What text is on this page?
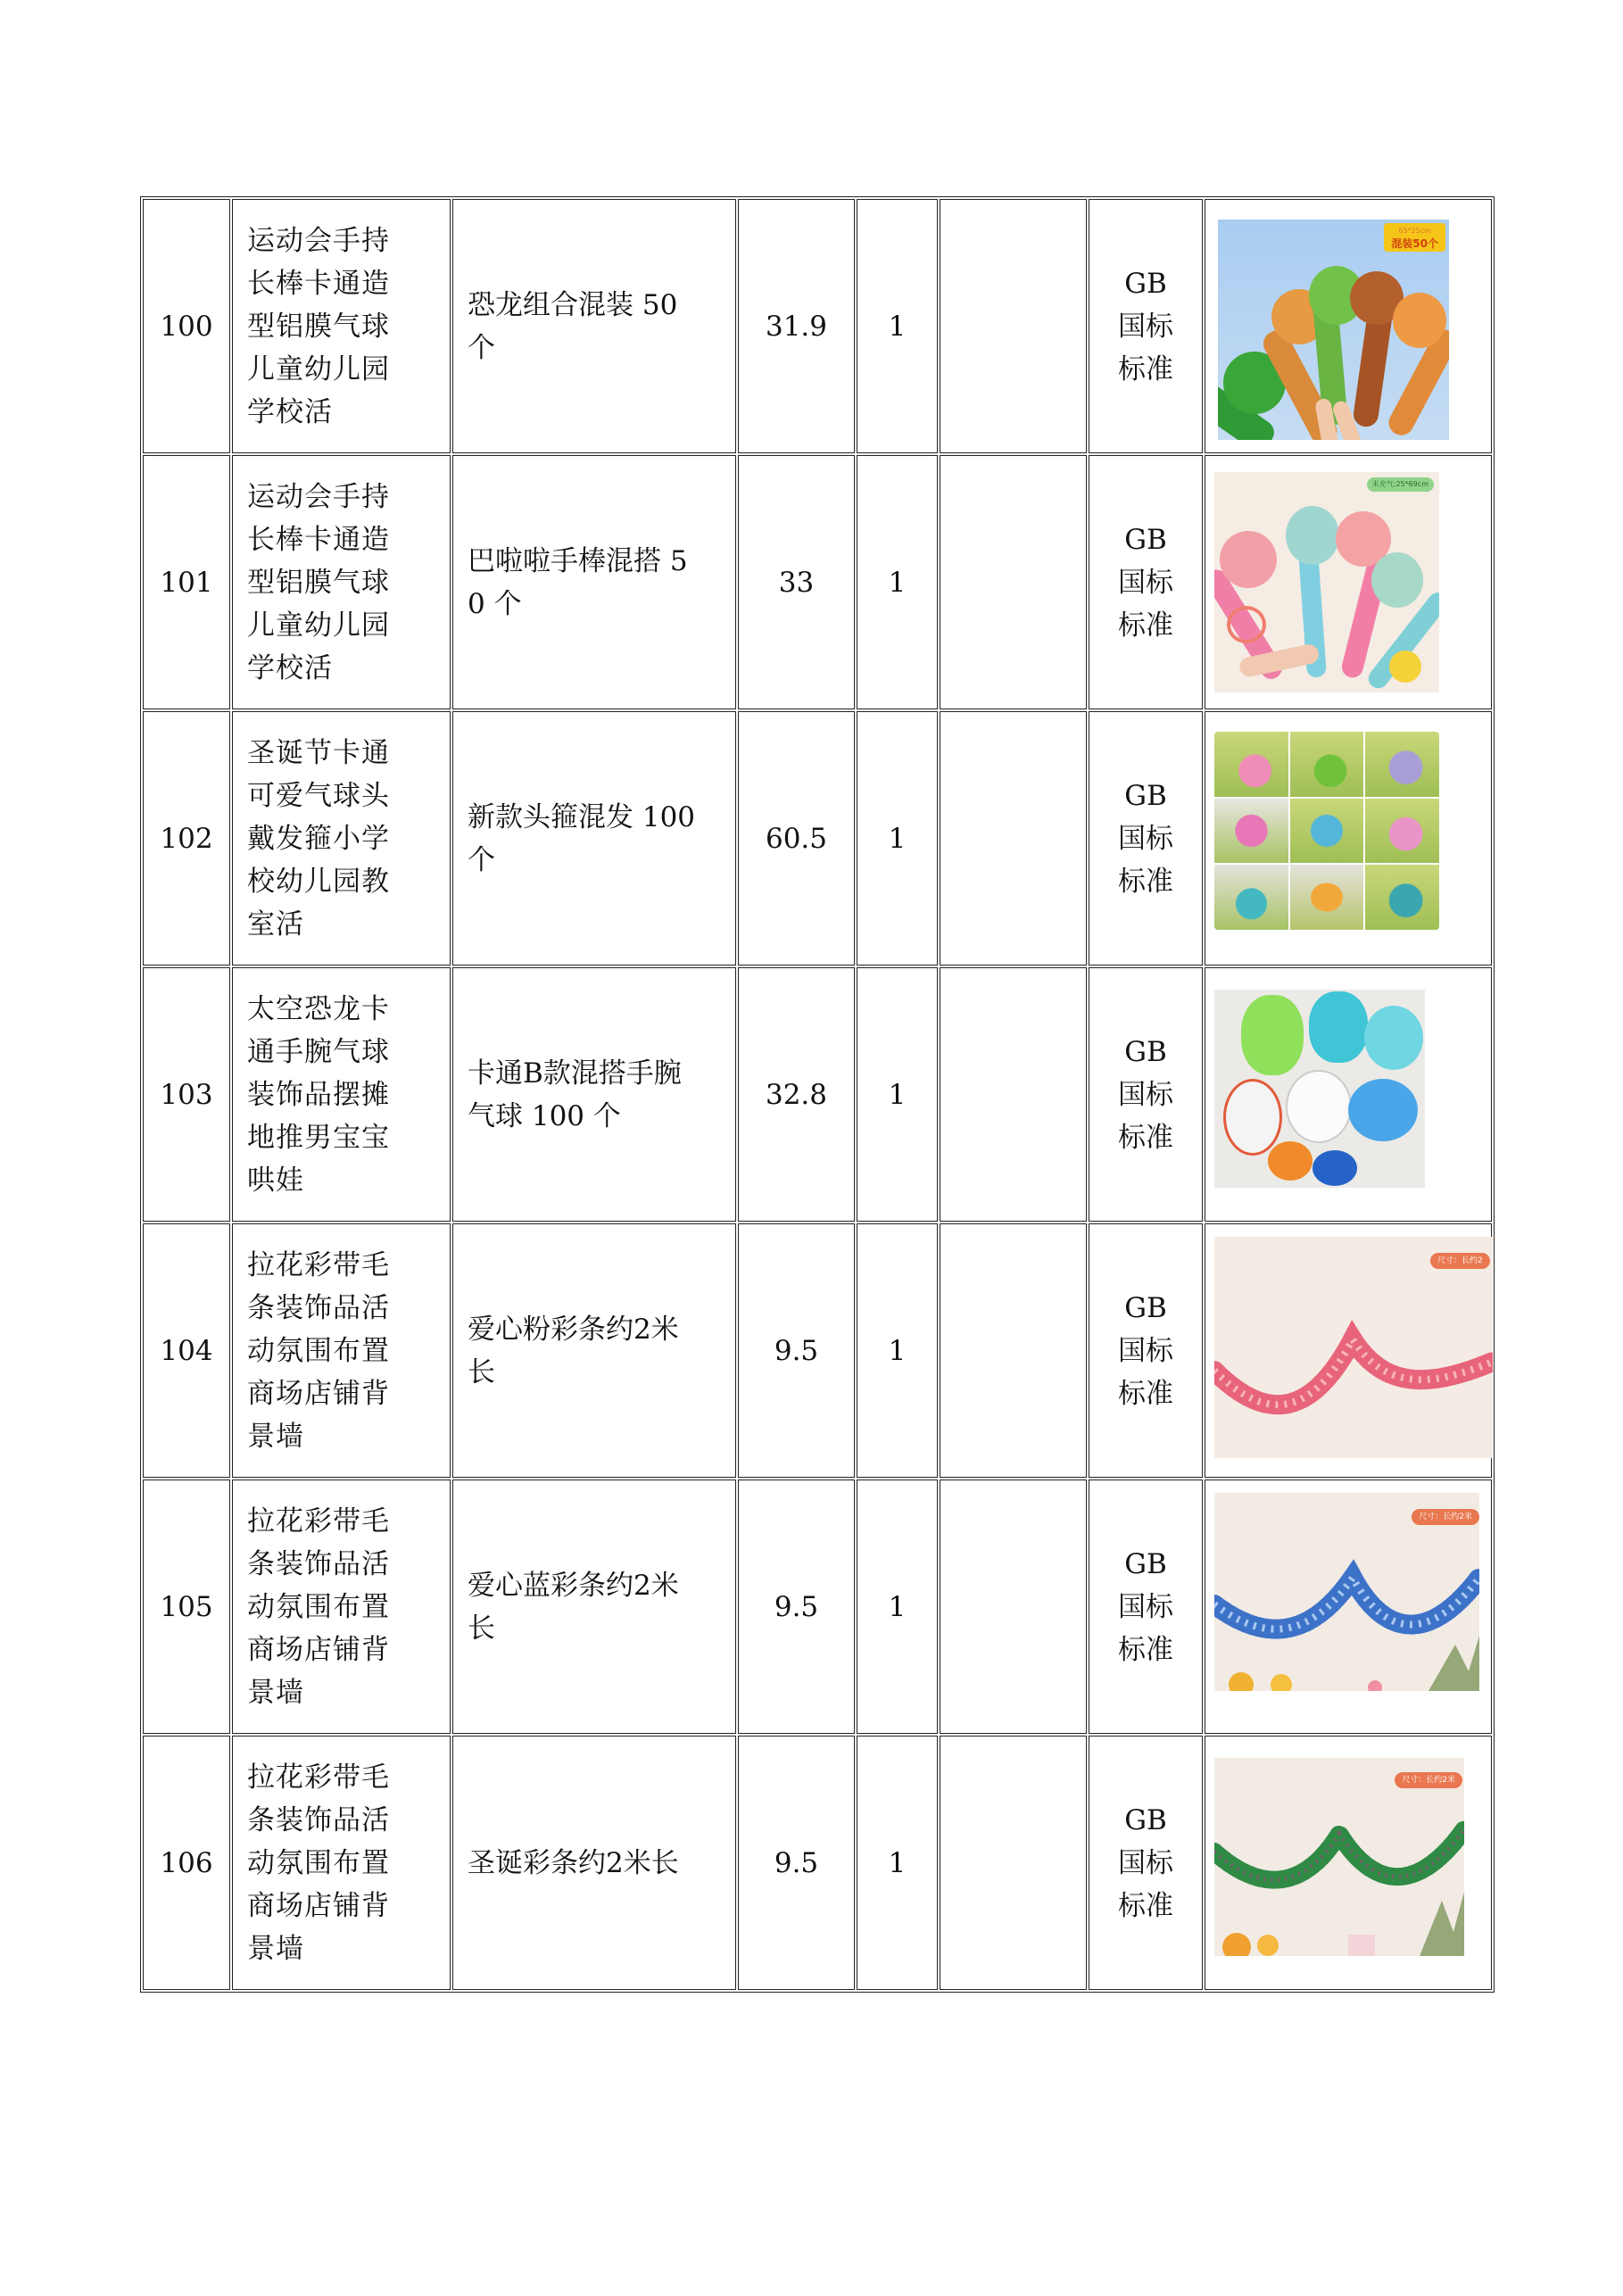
100	运动会手持长棒卡通造型铝膜气球儿童幼儿园学校活	恐龙组合混装 50 个	31.9	1		GB 国标标准	65*25cm
混装50个

101	运动会手持长棒卡通造型铝膜气球儿童幼儿园学校活	巴啦啦手棒混搭 50 个	33	1		GB 国标标准	未充气:25*69cm

102	圣诞节卡通可爱气球头戴发箍小学校幼儿园教室活	新款头箍混发 100 个	60.5	1		GB 国标标准	

103	太空恐龙卡通手腕气球装饰品摆摊地推男宝宝哄娃	卡通B款混搭手腕气球 100 个	32.8	1		GB 国标标准	

104	拉花彩带毛条装饰品活动氛围布置商场店铺背景墙	爱心粉彩条约2米长	9.5	1		GB 国标标准	尺寸：长约2

105	拉花彩带毛条装饰品活动氛围布置商场店铺背景墙	爱心蓝彩条约2米长	9.5	1		GB 国标标准	尺寸：长约2米

106	拉花彩带毛条装饰品活动氛围布置商场店铺背景墙	圣诞彩条约2米长	9.5	1		GB 国标标准	尺寸：长约2米
